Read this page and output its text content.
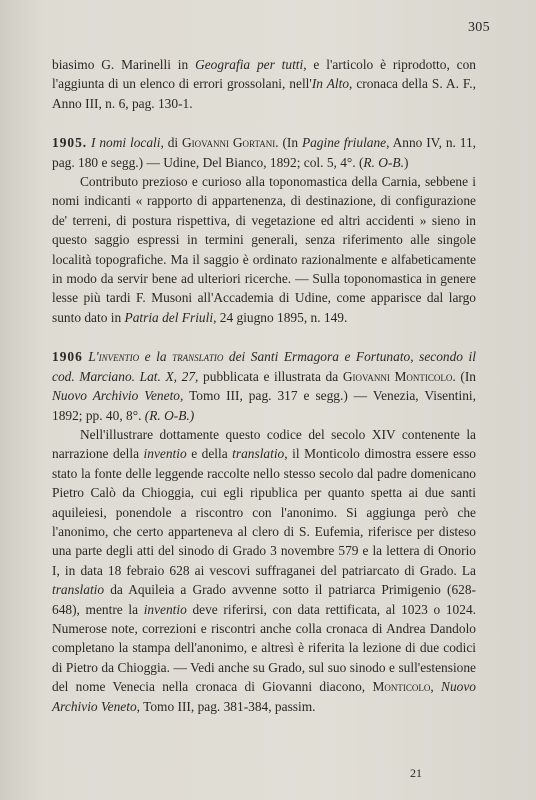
305

biasimo G. Marinelli in Geografia per tutti, e l'articolo è riprodotto, con l'aggiunta di un elenco di errori grossolani, nell'In Alto, cronaca della S. A. F., Anno III, n. 6, pag. 130-1.

1905. I nomi locali, di Giovanni Gortani. (In Pagine friulane, Anno IV, n. 11, pag. 180 e segg.) — Udine, Del Bianco, 1892; col. 5, 4°. (R. O-B.)

Contributo prezioso e curioso alla toponomastica della Carnia, sebbene i nomi indicanti « rapporto di appartenenza, di destinazione, di configurazione de' terreni, di postura rispettiva, di vegetazione ed altri accidenti » sieno in questo saggio espressi in termini generali, senza riferimento alle singole località topografiche. Ma il saggio è ordinato razionalmente e alfabeticamente in modo da servir bene ad ulteriori ricerche. — Sulla toponomastica in genere lesse più tardi F. Musoni all'Accademia di Udine, come apparisce dal largo sunto dato in Patria del Friuli, 24 giugno 1895, n. 149.

1906 L'inventio e la translatio dei Santi Ermagora e Fortunato, secondo il cod. Marciano. Lat. X, 27, pubblicata e illustrata da Giovanni Monticolo. (In Nuovo Archivio Veneto, Tomo III, pag. 317 e segg.) — Venezia, Visentini, 1892; pp. 40, 8°. (R. O-B.)

Nell'illustrare dottamente questo codice del secolo XIV contenente la narrazione della inventio e della translatio, il Monticolo dimostra essere esso stato la fonte delle leggende raccolte nello stesso secolo dal padre domenicano Pietro Calò da Chioggia, cui egli ripublica per quanto spetta ai due santi aquileiesi, ponendole a riscontro con l'anonimo. Si aggiunga però che l'anonimo, che certo apparteneva al clero di S. Eufemia, riferisce per disteso una parte degli atti del sinodo di Grado 3 novembre 579 e la lettera di Onorio I, in data 18 febraio 628 ai vescovi suffraganei del patriarcato di Grado. La translatio da Aquileia a Grado avvenne sotto il patriarca Primigenio (628-648), mentre la inventio deve riferirsi, con data rettificata, al 1023 o 1024. Numerose note, correzioni e riscontri anche colla cronaca di Andrea Dandolo completano la stampa dell'anonimo, e altresì è riferita la lezione di due codici di Pietro da Chioggia. — Vedi anche su Grado, sul suo sinodo e sull'estensione del nome Venecia nella cronaca di Giovanni diacono, Monticolo, Nuovo Archivio Veneto, Tomo III, pag. 381-384, passim.

21
